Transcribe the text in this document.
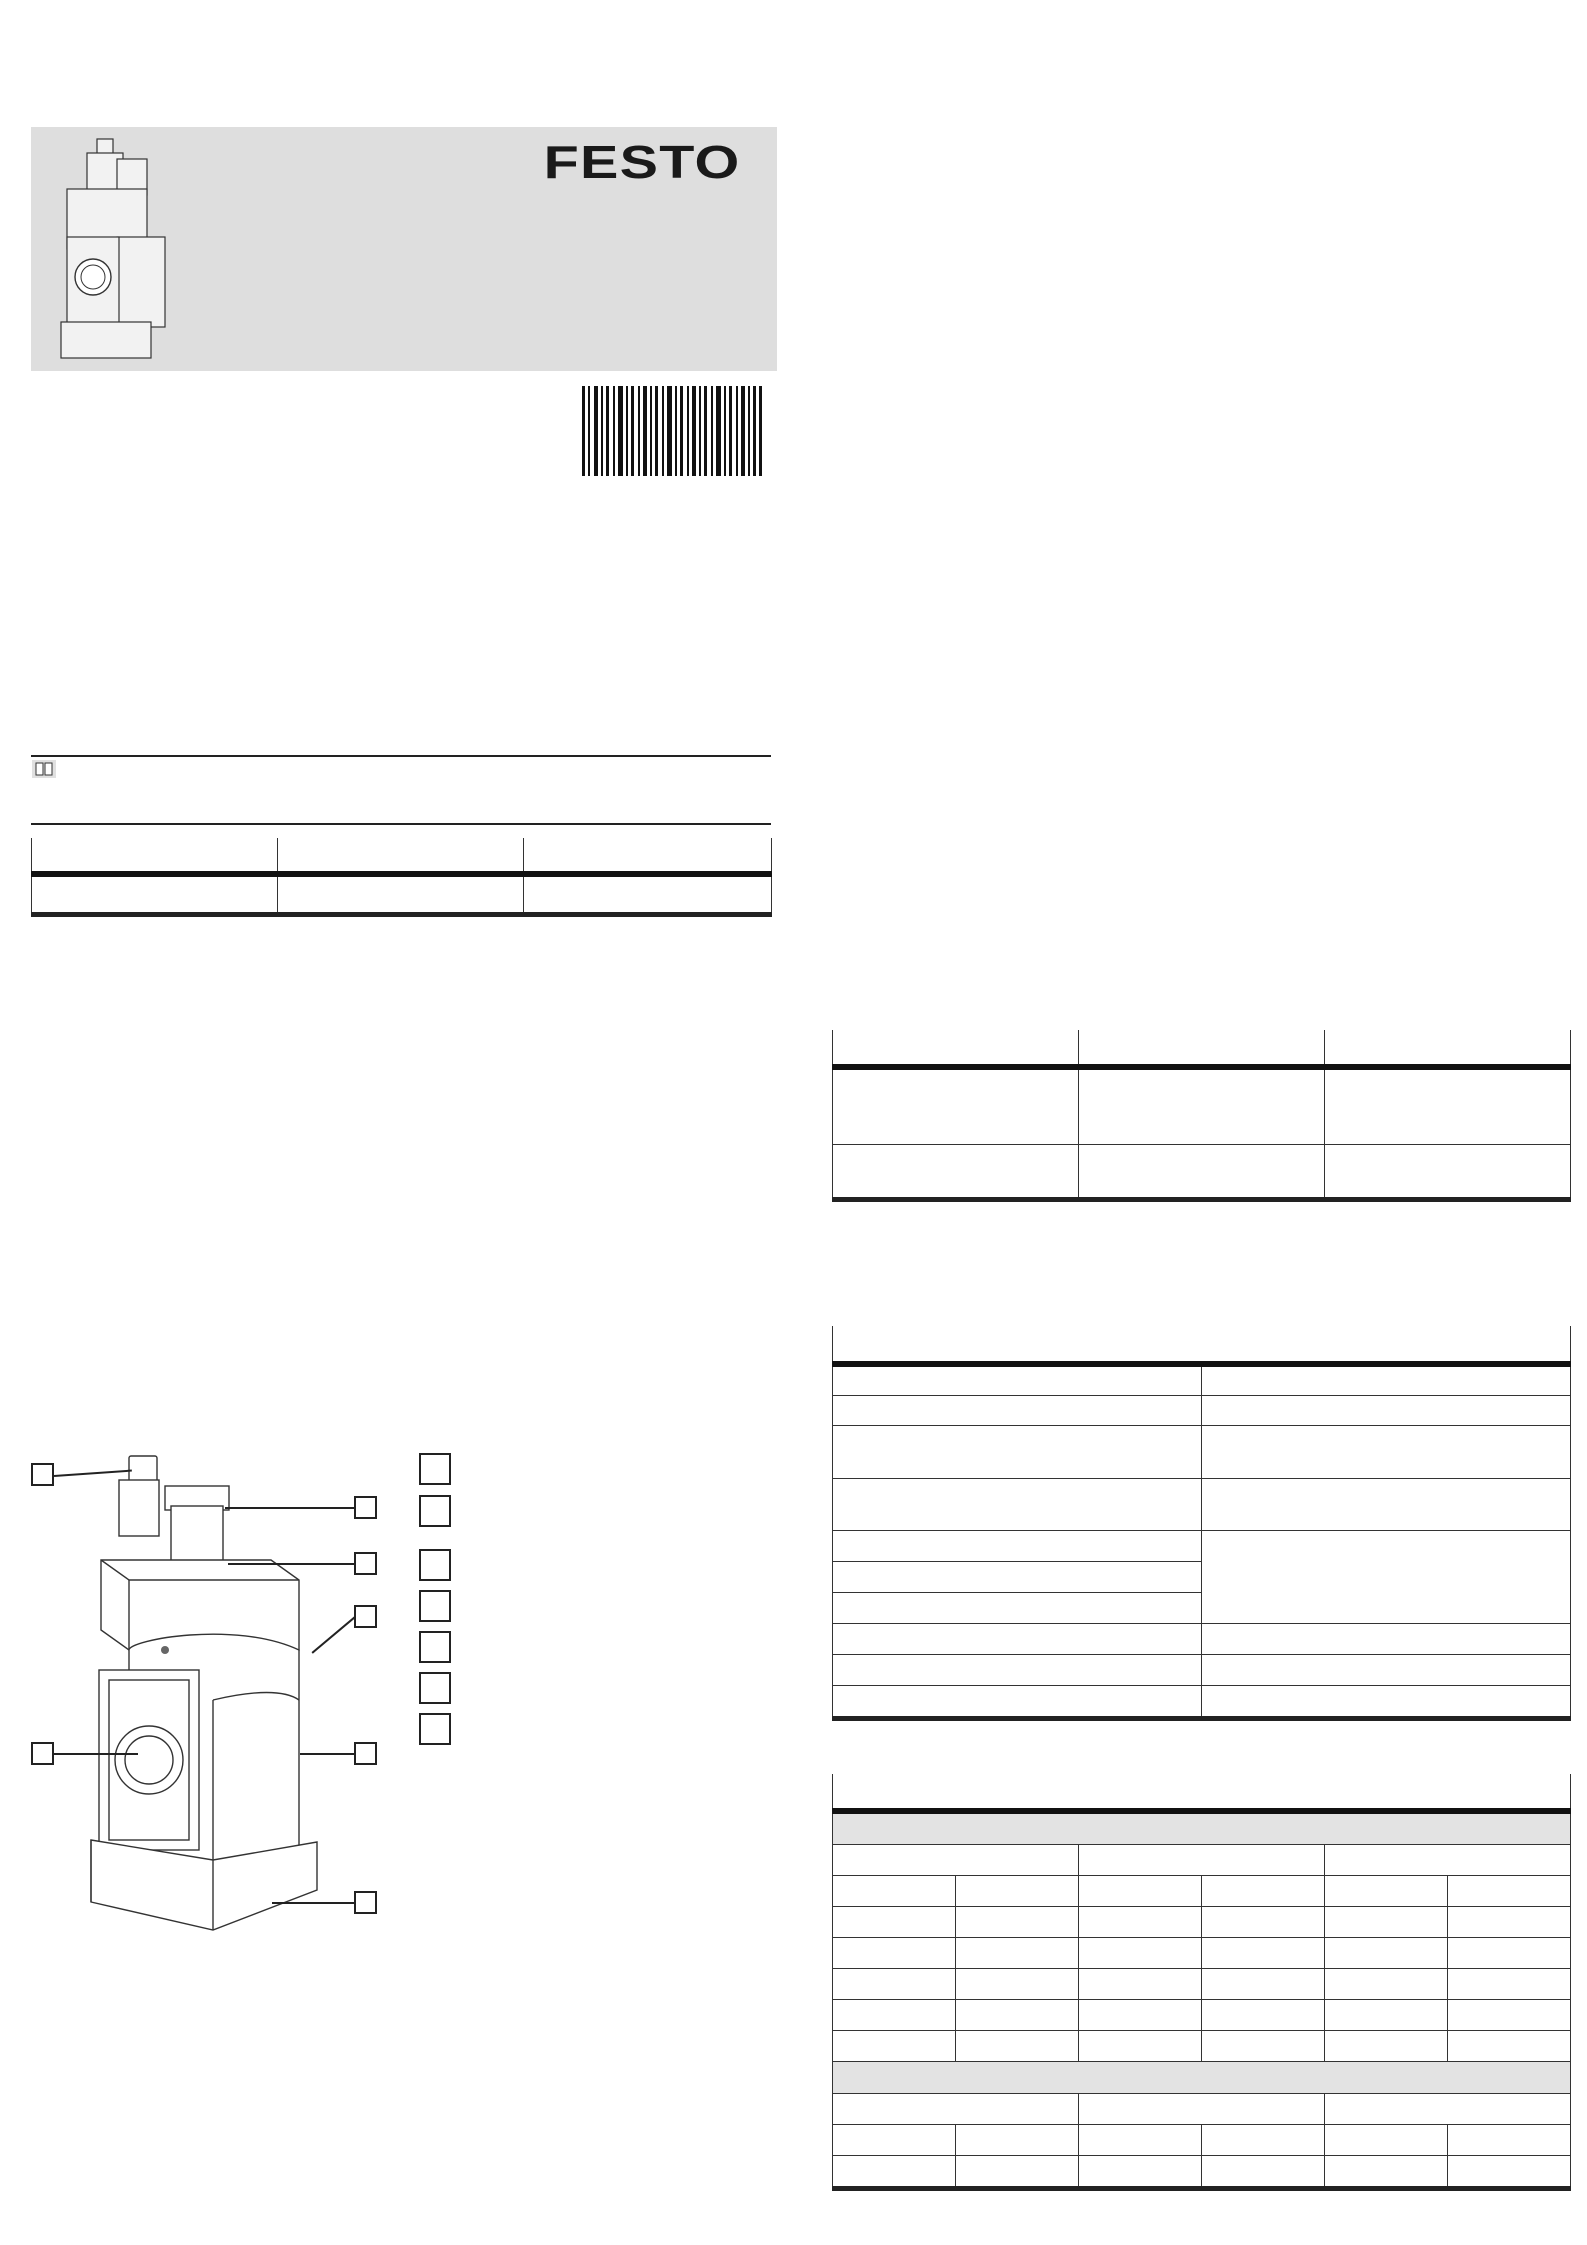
FESTO
